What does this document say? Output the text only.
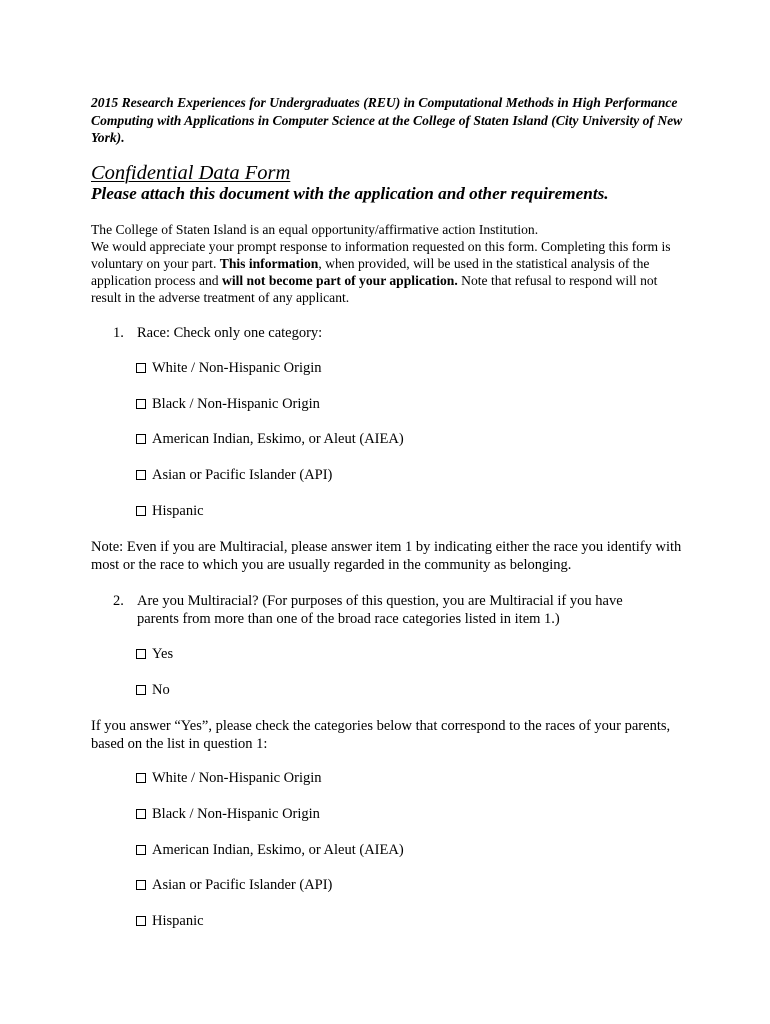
2015 Research Experiences for Undergraduates (REU) in Computational Methods in High Performance Computing with Applications in Computer Science at the College of Staten Island (City University of New York).
Confidential Data Form
Please attach this document with the application and other requirements.

The College of Staten Island is an equal opportunity/affirmative action Institution.

We would appreciate your prompt response to information requested on this form. Completing this form is voluntary on your part. This information, when provided, will be used in the statistical analysis of the application process and will not become part of your application. Note that refusal to respond will not result in the adverse treatment of any applicant.

1. Race: Check only one category:
White / Non-Hispanic Origin
Black / Non-Hispanic Origin
American Indian, Eskimo, or Aleut (AIEA)
Asian or Pacific Islander (API)
Hispanic

Note: Even if you are Multiracial, please answer item 1 by indicating either the race you identify with most or the race to which you are usually regarded in the community as belonging.

2. Are you Multiracial? (For purposes of this question, you are Multiracial if you have parents from more than one of the broad race categories listed in item 1.)
Yes
No

If you answer “Yes”, please check the categories below that correspond to the races of your parents, based on the list in question 1:

White / Non-Hispanic Origin
Black / Non-Hispanic Origin
American Indian, Eskimo, or Aleut (AIEA)
Asian or Pacific Islander (API)
Hispanic
